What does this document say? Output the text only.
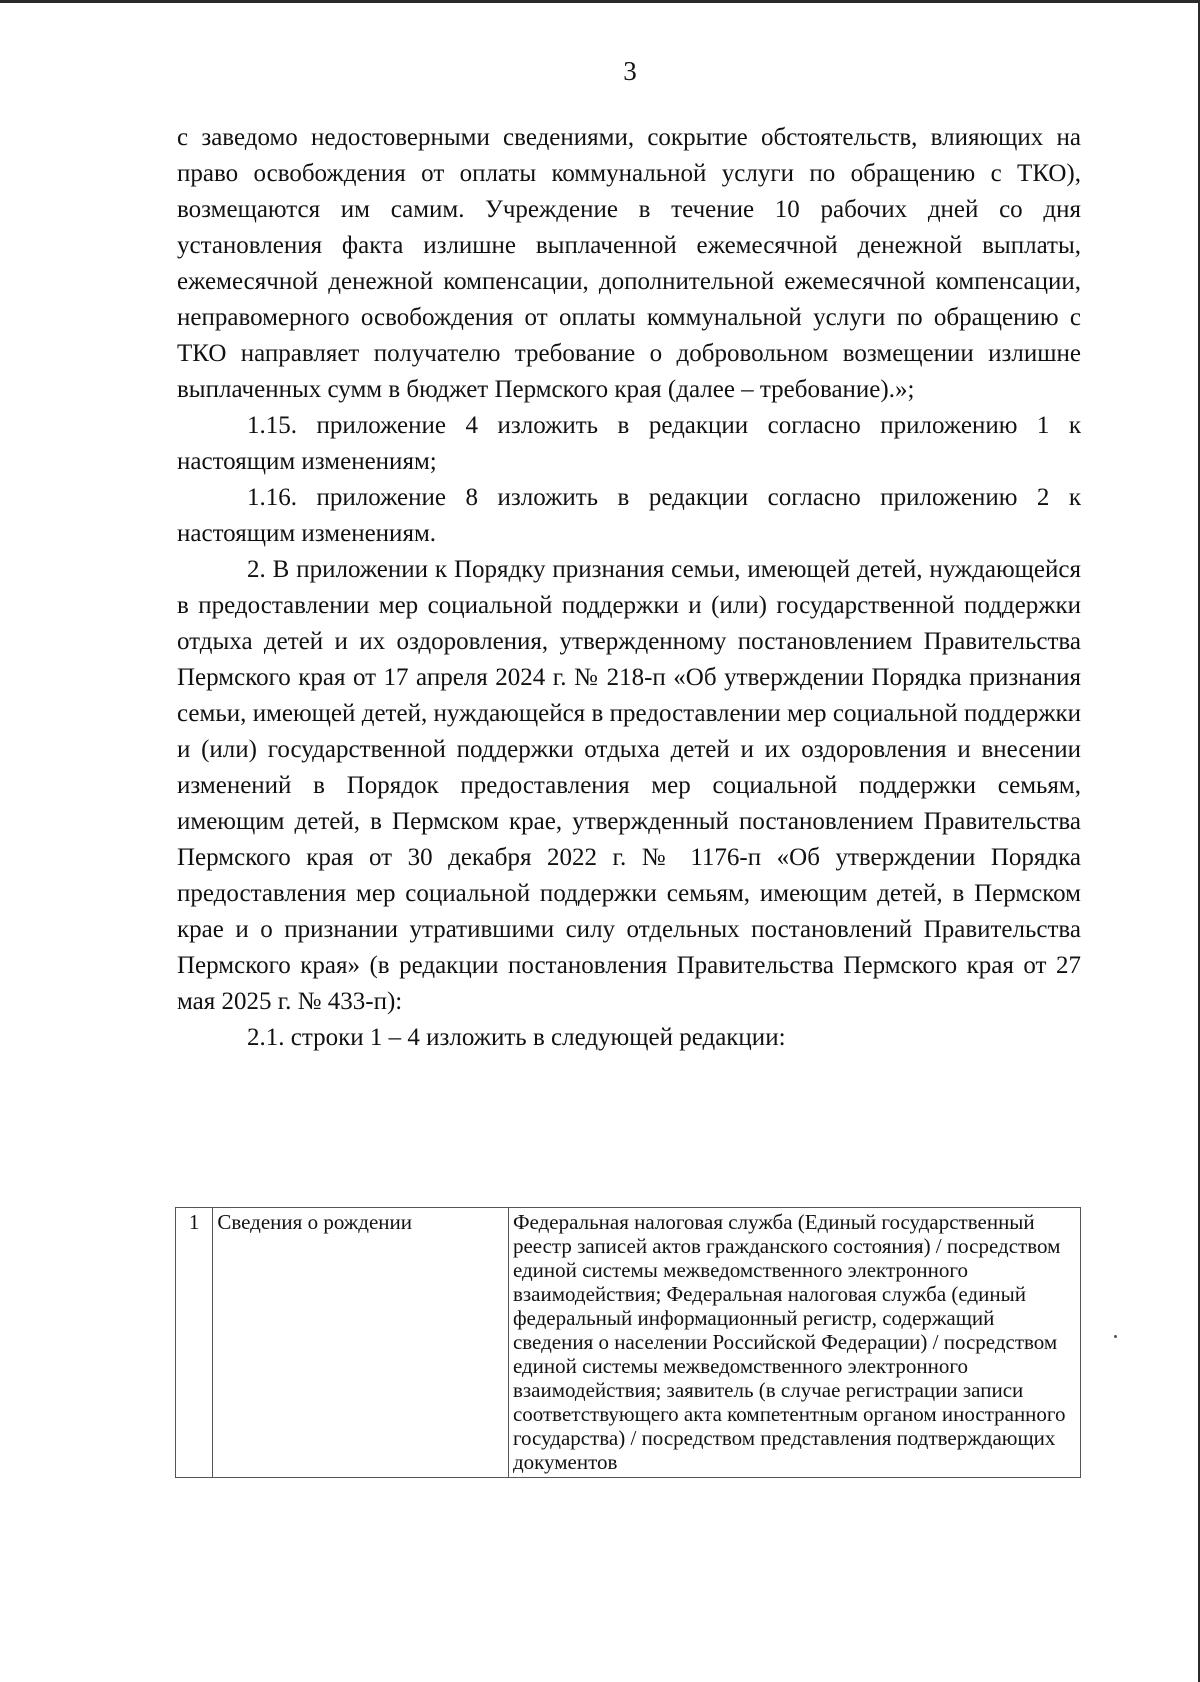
3

с заведомо недостоверными сведениями, сокрытие обстоятельств, влияющих на право освобождения от оплаты коммунальной услуги по обращению с ТКО), возмещаются им самим. Учреждение в течение 10 рабочих дней со дня установления факта излишне выплаченной ежемесячной денежной выплаты, ежемесячной денежной компенсации, дополнительной ежемесячной компенсации, неправомерного освобождения от оплаты коммунальной услуги по обращению с ТКО направляет получателю требование о добровольном возмещении излишне выплаченных сумм в бюджет Пермского края (далее – требование).»;

1.15. приложение 4 изложить в редакции согласно приложению 1 к настоящим изменениям;

1.16. приложение 8 изложить в редакции согласно приложению 2 к настоящим изменениям.

2. В приложении к Порядку признания семьи, имеющей детей, нуждающейся в предоставлении мер социальной поддержки и (или) государственной поддержки отдыха детей и их оздоровления, утвержденному постановлением Правительства Пермского края от 17 апреля 2024 г. № 218-п «Об утверждении Порядка признания семьи, имеющей детей, нуждающейся в предоставлении мер социальной поддержки и (или) государственной поддержки отдыха детей и их оздоровления и внесении изменений в Порядок предоставления мер социальной поддержки семьям, имеющим детей, в Пермском крае, утвержденный постановлением Правительства Пермского края от 30 декабря 2022 г. № 1176-п «Об утверждении Порядка предоставления мер социальной поддержки семьям, имеющим детей, в Пермском крае и о признании утратившими силу отдельных постановлений Правительства Пермского края» (в редакции постановления Правительства Пермского края от 27 мая 2025 г. № 433-п):

2.1. строки 1 – 4 изложить в следующей редакции:

1	Сведения о рождении	Федеральная налоговая служба (Единый государственный реестр записей актов гражданского состояния) / посредством единой системы межведомственного электронного взаимодействия; Федеральная налоговая служба (единый федеральный информационный регистр, содержащий сведения о населении Российской Федерации) / посредством единой системы межведомственного электронного взаимодействия; заявитель (в случае регистрации записи соответствующего акта компетентным органом иностранного государства) / посредством представления подтверждающих документов
